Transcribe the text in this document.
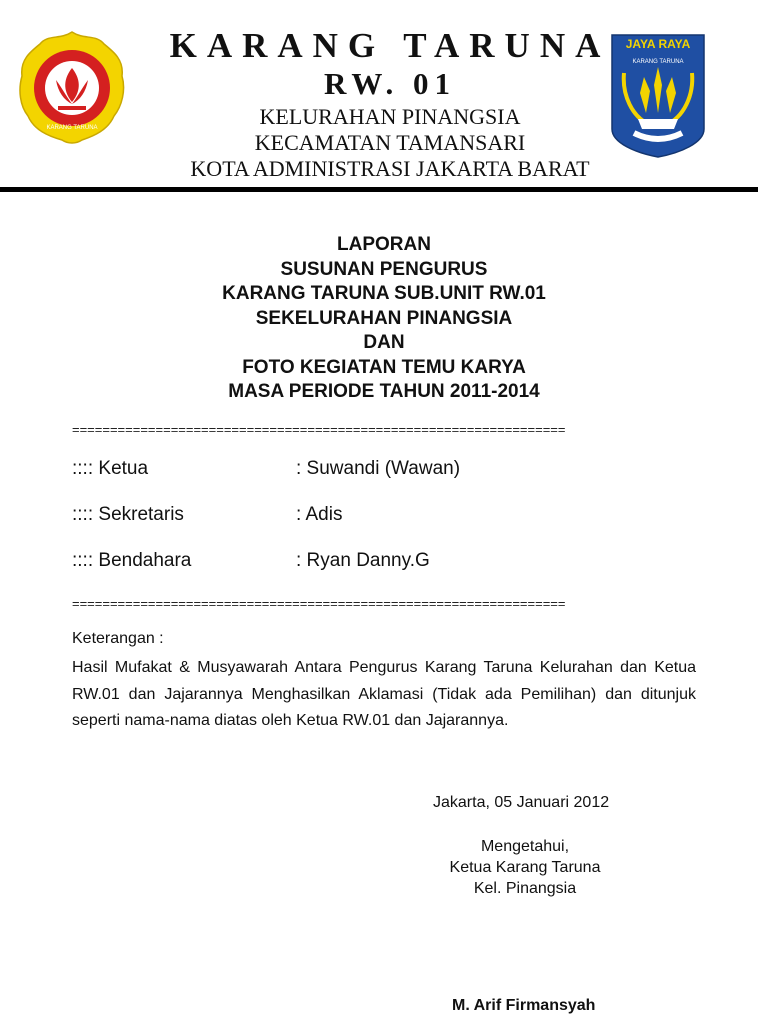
KARANG TARUNA
JAYA RAYA
KARANG TARUNA
KARANG TARUNA
RW. 01
KELURAHAN PINANGSIA
KECAMATAN TAMANSARI
KOTA ADMINISTRASI JAKARTA BARAT
LAPORAN
SUSUNAN PENGURUS
KARANG TARUNA SUB.UNIT RW.01
SEKELURAHAN PINANGSIA
DAN
FOTO KEGIATAN TEMU KARYA
MASA PERIODE TAHUN 2011-2014
=================================================================
:::: Ketua	: Suwandi (Wawan)
:::: Sekretaris	: Adis
:::: Bendahara	: Ryan Danny.G
=================================================================
Keterangan :
Hasil Mufakat & Musyawarah Antara Pengurus Karang Taruna Kelurahan dan Ketua RW.01 dan Jajarannya Menghasilkan Aklamasi (Tidak ada Pemilihan) dan ditunjuk seperti nama-nama diatas oleh Ketua RW.01 dan Jajarannya.
Jakarta, 05 Januari 2012
Mengetahui,
Ketua Karang Taruna
Kel. Pinangsia
M. Arif Firmansyah
